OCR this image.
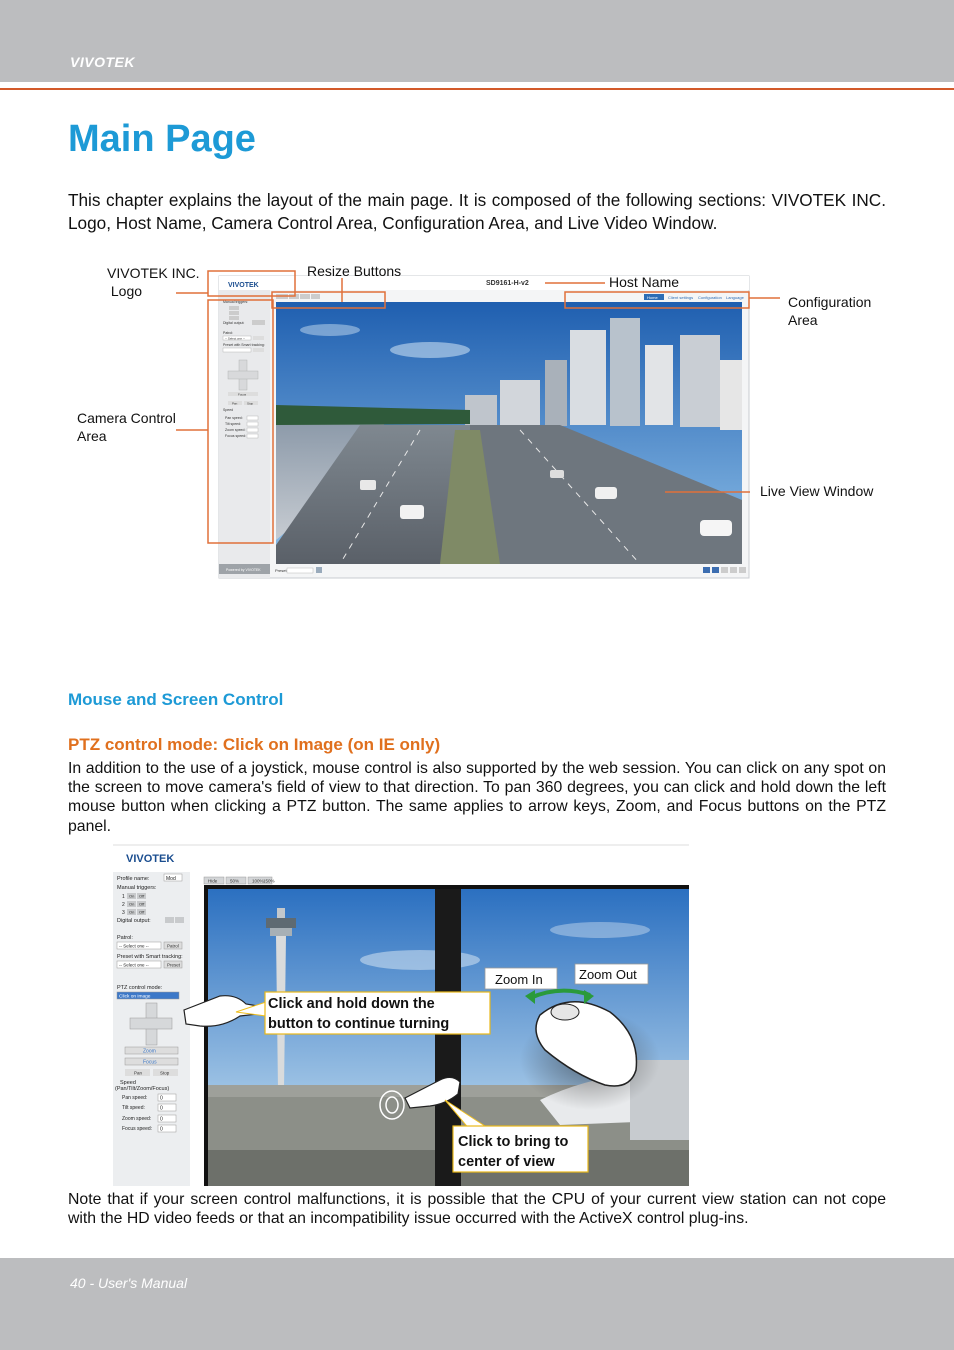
VIVOTEK
Main Page

This chapter explains the layout of the main page. It is composed of the following sections: VIVOTEK INC. Logo, Host Name, Camera Control Area, Configuration Area, and Live Video Window.

VIVOTEK	SD9161-H-v2
Home	Client settings Configuration Language
Manual triggers:
Digital output:
Patrol:
-- Select one --
Preset with Smart tracking:
Focus
Pan	Stop
Speed
Pan speed:
Tilt speed:
Zoom speed:
Focus speed:
Powered by VIVOTEK	Preset
VIVOTEK INC.
Logo
Resize Buttons
Host Name
Configuration
Area
Camera Control
Area
Live View Window
Mouse and Screen Control
PTZ control mode: Click on Image (on IE only)

In addition to the use of a joystick, mouse control is also supported by the web session. You can click on any spot on the screen to move camera's field of view to that direction. To pan 360 degrees, you can click and hold down the left mouse button when clicking a PTZ button. The same applies to arrow keys, Zoom, and Focus buttons on the PTZ panel.

VIVOTEK
Profile name:	Mod
Manual triggers:
1
2
3
On Off
On Off
On Off
Digital output:
Patrol:
-- Select one --	Patrol
Preset with Smart tracking:
-- Select one --	Preset
PTZ control mode:
Click on image
Zoom
Focus
Pan	Stop
Speed
(Pan/Tilt/Zoom/Focus)
Pan speed:
Tilt speed:
Zoom speed:
Focus speed:
0
0
0
0
Hide	50%	100% 150%
Click and hold down the
button to continue turning
Zoom In	Zoom Out
Click to bring to
center of view

Note that if your screen control malfunctions, it is possible that the CPU of your current view station can not cope with the HD video feeds or that an incompatibility issue occurred with the ActiveX control plug-ins.

40 - User's Manual
